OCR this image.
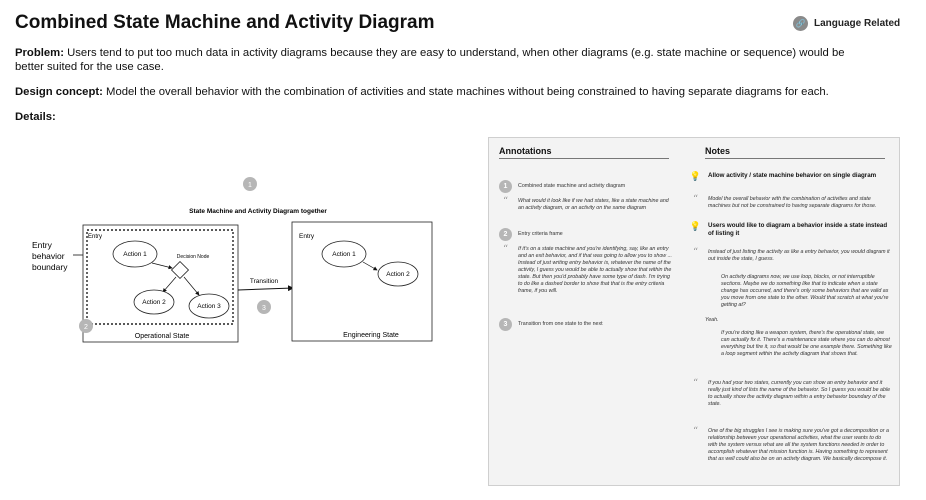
Combined State Machine and Activity Diagram	🔗 Language Related

Problem: Users tend to put too much data in activity diagrams because they are easy to understand, when other diagrams (e.g. state machine or sequence) would be better suited for the use case.

Design concept: Model the overall behavior with the combination of activities and state machines without being constrained to having separate diagrams for each.

Details:

1
State Machine and Activity Diagram together
Entry
behavior
boundary
Entry
Action 1	Decision Node
Action 2
Action 3
Operational State
2
Transition
3
Entry
Action 1
Action 2
Engineering State

Annotations

1	Combined state machine and activity diagram
“	What would it look like if we had states, like a state machine and an activity diagram, or an activity on the same diagram
2	Entry criteria frame
“	If it's on a state machine and you're identifying, say, like an entry and an exit behavior, and if that was going to allow you to show ... Instead of just writing entry behavior is, whatever the name of the activity, I guess you would be able to actually show that within the state. But then you'd probably have some type of dash. I'm trying to do like a dashed border to show that that is the entry criteria frame, if you will.
3	Transition from one state to the next

Notes

💡 Allow activity / state machine behavior on single diagram
“	Model the overall behavior with the combination of activities and state machines but not be constrained to having separate diagrams for those.
💡 Users would like to diagram a behavior inside a state instead of listing it
“	Instead of just listing the activity as like a entry behavior, you would diagram it out inside the state, I guess.
On activity diagrams now, we use loop, blocks, or not interruptible sections. Maybe we do something like that to indicate when a state change has occurred, and there's only some behaviors that are valid as you move from one state to the other. Would that scratch at what you're getting at?
Yeah.
If you're doing like a weapon system, there's the operational state, we can actually fix it. There's a maintenance state where you can do almost everything but fire it, so that would be one example there. Something like a loop segment within the activity diagram that shows that.
“	If you had your two states, currently you can show an entry behavior and it really just kind of lists the name of the behavior. So I guess you would be able to actually show the activity diagram within a entry behavior boundary of the state.
“	One of the big struggles I see is making sure you've got a decomposition or a relationship between your operational activities, what the user wants to do with the system versus what are all the system functions needed in order to accomplish whatever that mission function is. Having something to represent that as well could also be on an activity diagram. We basically decompose it.
